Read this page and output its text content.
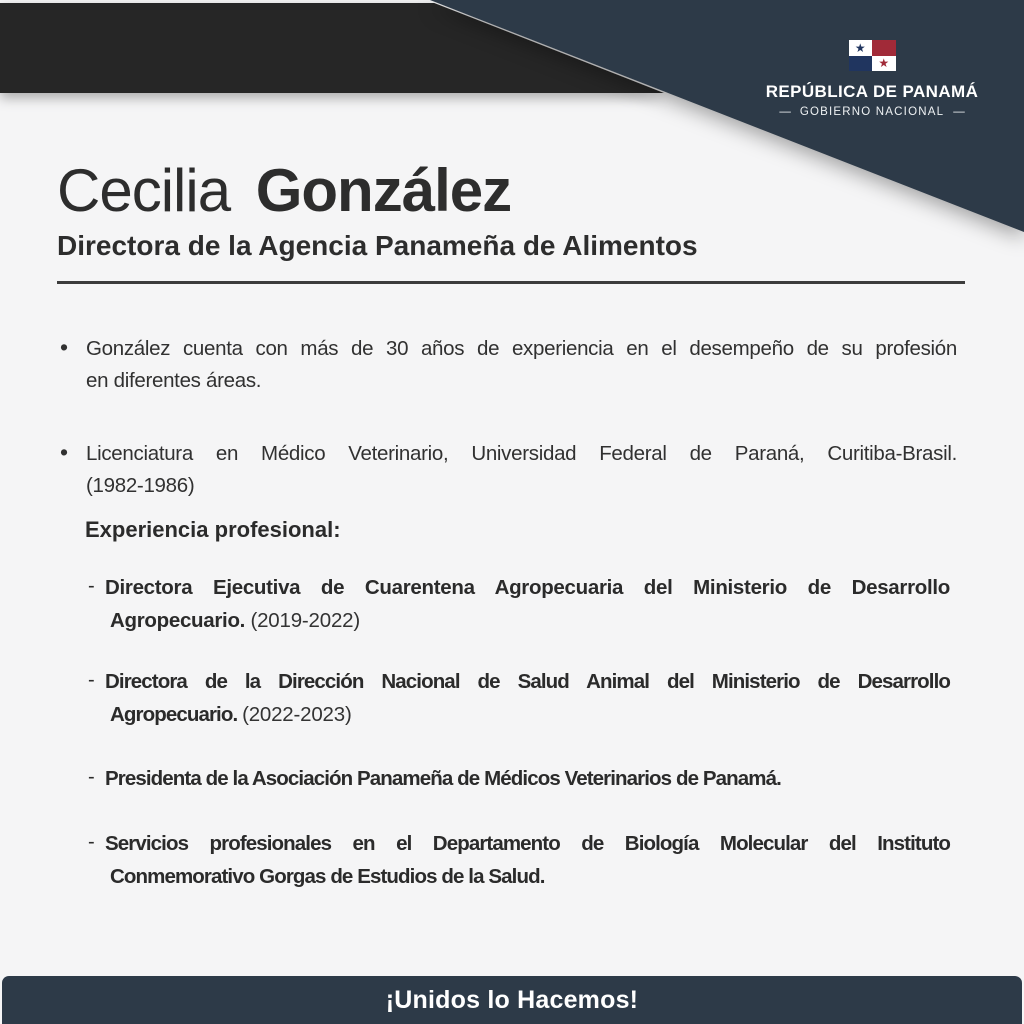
★
★
REPÚBLICA DE PANAMÁ
— GOBIERNO NACIONAL —
Cecilia González
Directora de la Agencia Panameña de Alimentos
• González cuenta con más de 30 años de experiencia en el desempeño de su profesión
en diferentes áreas.
• Licenciatura en Médico Veterinario, Universidad Federal de Paraná, Curitiba-Brasil.
(1982-1986)
Experiencia profesional:
- Directora Ejecutiva de Cuarentena Agropecuaria del Ministerio de Desarrollo
Agropecuario. (2019-2022)
- Directora de la Dirección Nacional de Salud Animal del Ministerio de Desarrollo
Agropecuario. (2022-2023)
- Presidenta de la Asociación Panameña de Médicos Veterinarios de Panamá.
- Servicios profesionales en el Departamento de Biología Molecular del Instituto
Conmemorativo Gorgas de Estudios de la Salud.
¡Unidos lo Hacemos!
